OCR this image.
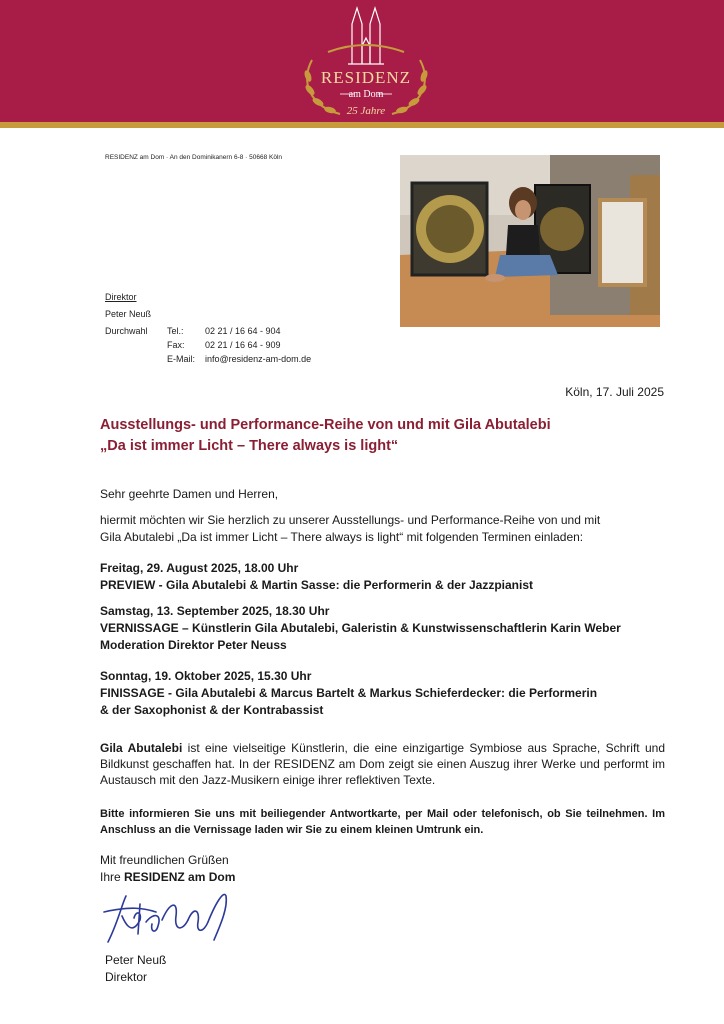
RESIDENZ
am Dom
25 Jahre
RESIDENZ am Dom · An den Dominikanern 6-8 · 50668 Köln
Direktor
Peter Neuß
Durchwahl Tel.: 02 21 / 16 64 - 904
Fax: 02 21 / 16 64 - 909
E-Mail: info@residenz-am-dom.de
Köln, 17. Juli 2025
Ausstellungs- und Performance-Reihe von und mit Gila Abutalebi
„Da ist immer Licht – There always is light“
Sehr geehrte Damen und Herren,
hiermit möchten wir Sie herzlich zu unserer Ausstellungs- und Performance-Reihe von und mit
Gila Abutalebi „Da ist immer Licht – There always is light“ mit folgenden Terminen einladen:
Freitag, 29. August 2025, 18.00 Uhr
PREVIEW - Gila Abutalebi & Martin Sasse: die Performerin & der Jazzpianist
Samstag, 13. September 2025, 18.30 Uhr
VERNISSAGE – Künstlerin Gila Abutalebi, Galeristin & Kunstwissenschaftlerin Karin Weber
Moderation Direktor Peter Neuss
Sonntag, 19. Oktober 2025, 15.30 Uhr
FINISSAGE - Gila Abutalebi & Marcus Bartelt & Markus Schieferdecker: die Performerin
& der Saxophonist & der Kontrabassist
Gila Abutalebi ist eine vielseitige Künstlerin, die eine einzigartige Symbiose aus Sprache, Schrift und Bildkunst geschaffen hat. In der RESIDENZ am Dom zeigt sie einen Auszug ihrer Werke und performt im Austausch mit den Jazz-Musikern einige ihrer reflektiven Texte.
Bitte informieren Sie uns mit beiliegender Antwortkarte, per Mail oder telefonisch, ob Sie teilnehmen. Im Anschluss an die Vernissage laden wir Sie zu einem kleinen Umtrunk ein.
Mit freundlichen Grüßen
Ihre RESIDENZ am Dom
Peter Neuß
Direktor
